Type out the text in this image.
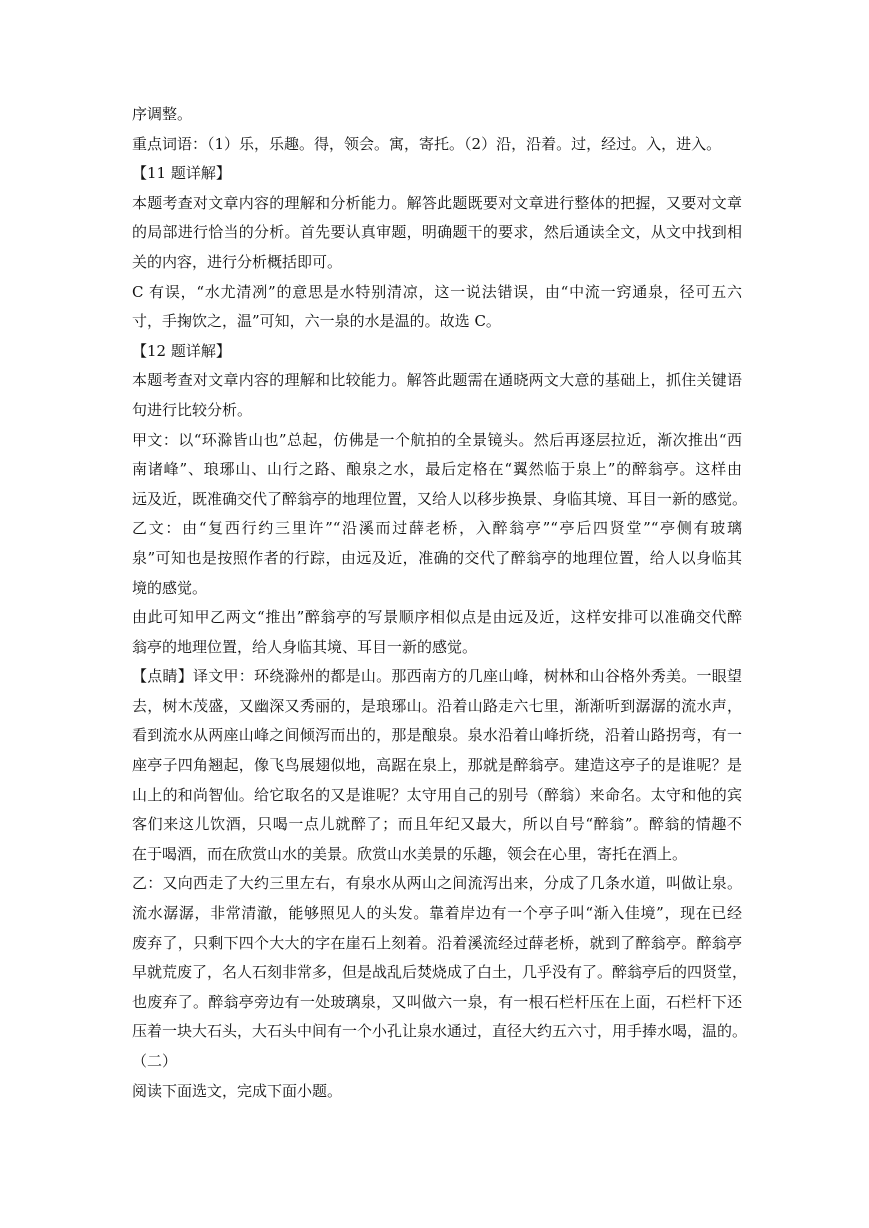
序调整。

重点词语：（1）乐，乐趣。得，领会。寓，寄托。（2）沿，沿着。过，经过。入，进入。

【11 题详解】

本题考查对文章内容的理解和分析能力。解答此题既要对文章进行整体的把握，又要对文章
的局部进行恰当的分析。首先要认真审题，明确题干的要求，然后通读全文，从文中找到相
关的内容，进行分析概括即可。

C 有误，“水尤清冽”的意思是水特别清凉，这一说法错误，由“中流一窍通泉，径可五六
寸，手掬饮之，温”可知，六一泉的水是温的。故选 C。

【12 题详解】

本题考查对文章内容的理解和比较能力。解答此题需在通晓两文大意的基础上，抓住关键语
句进行比较分析。

甲文：以“环滁皆山也”总起，仿佛是一个航拍的全景镜头。然后再逐层拉近，渐次推出“西
南诸峰”、琅琊山、山行之路、酿泉之水，最后定格在“翼然临于泉上”的醉翁亭。这样由
远及近，既准确交代了醉翁亭的地理位置，又给人以移步换景、身临其境、耳目一新的感觉。

乙文：由“复西行约三里许”“沿溪而过薛老桥，入醉翁亭”“亭后四贤堂”“亭侧有玻璃
泉”可知也是按照作者的行踪，由远及近，准确的交代了醉翁亭的地理位置，给人以身临其
境的感觉。

由此可知甲乙两文“推出”醉翁亭的写景顺序相似点是由远及近，这样安排可以准确交代醉
翁亭的地理位置，给人身临其境、耳目一新的感觉。

【点睛】译文甲：环绕滁州的都是山。那西南方的几座山峰，树林和山谷格外秀美。一眼望
去，树木茂盛，又幽深又秀丽的，是琅琊山。沿着山路走六七里，渐渐听到潺潺的流水声，
看到流水从两座山峰之间倾泻而出的，那是酿泉。泉水沿着山峰折绕，沿着山路拐弯，有一
座亭子四角翘起，像飞鸟展翅似地，高踞在泉上，那就是醉翁亭。建造这亭子的是谁呢？是
山上的和尚智仙。给它取名的又是谁呢？太守用自己的别号（醉翁）来命名。太守和他的宾
客们来这儿饮酒，只喝一点儿就醉了；而且年纪又最大，所以自号“醉翁”。醉翁的情趣不
在于喝酒，而在欣赏山水的美景。欣赏山水美景的乐趣，领会在心里，寄托在酒上。

乙：又向西走了大约三里左右，有泉水从两山之间流泻出来，分成了几条水道，叫做让泉。
流水潺潺，非常清澈，能够照见人的头发。靠着岸边有一个亭子叫“渐入佳境”，现在已经
废弃了，只剩下四个大大的字在崖石上刻着。沿着溪流经过薛老桥，就到了醉翁亭。醉翁亭
早就荒废了，名人石刻非常多，但是战乱后焚烧成了白土，几乎没有了。醉翁亭后的四贤堂，
也废弃了。醉翁亭旁边有一处玻璃泉，又叫做六一泉，有一根石栏杆压在上面，石栏杆下还
压着一块大石头，大石头中间有一个小孔让泉水通过，直径大约五六寸，用手捧水喝，温的。

（二）

阅读下面选文，完成下面小题。
